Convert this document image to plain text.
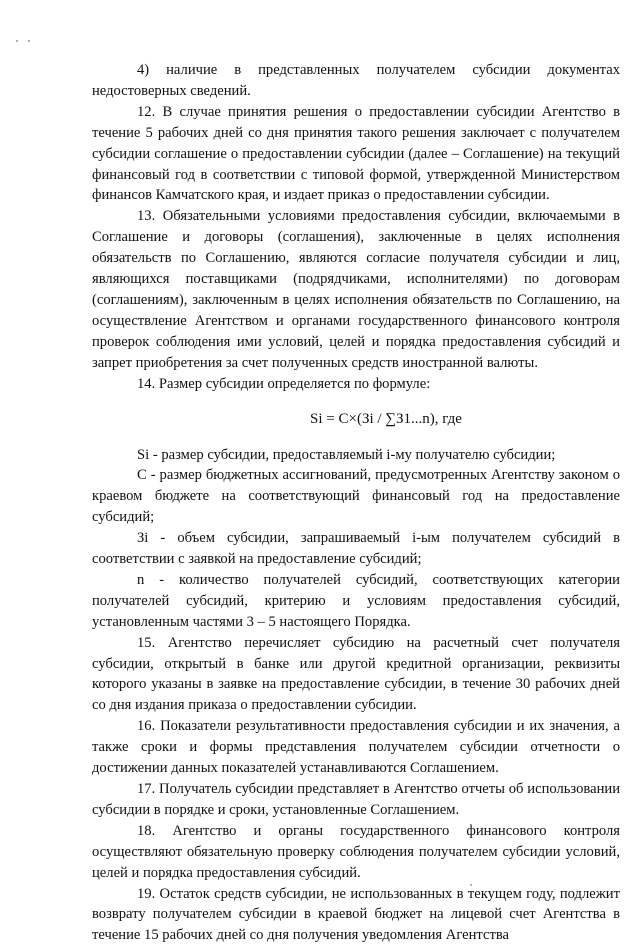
4) наличие в представленных получателем субсидии документах недостоверных сведений.

12. В случае принятия решения о предоставлении субсидии Агентство в течение 5 рабочих дней со дня принятия такого решения заключает с получателем субсидии соглашение о предоставлении субсидии (далее – Соглашение) на текущий финансовый год в соответствии с типовой формой, утвержденной Министерством финансов Камчатского края, и издает приказ о предоставлении субсидии.

13. Обязательными условиями предоставления субсидии, включаемыми в Соглашение и договоры (соглашения), заключенные в целях исполнения обязательств по Соглашению, являются согласие получателя субсидии и лиц, являющихся поставщиками (подрядчиками, исполнителями) по договорам (соглашениям), заключенным в целях исполнения обязательств по Соглашению, на осуществление Агентством и органами государственного финансового контроля проверок соблюдения ими условий, целей и порядка предоставления субсидий и запрет приобретения за счет полученных средств иностранной валюты.

14. Размер субсидии определяется по формуле:

Si = C×(Зi / ∑З1...n), где

Si - размер субсидии, предоставляемый i-му получателю субсидии;

С - размер бюджетных ассигнований, предусмотренных Агентству законом о краевом бюджете на соответствующий финансовый год на предоставление субсидий;

Зi - объем субсидии, запрашиваемый i-ым получателем субсидий в соответствии с заявкой на предоставление субсидий;

n - количество получателей субсидий, соответствующих категории получателей субсидий, критерию и условиям предоставления субсидий, установленным частями 3 – 5 настоящего Порядка.

15. Агентство перечисляет субсидию на расчетный счет получателя субсидии, открытый в банке или другой кредитной организации, реквизиты которого указаны в заявке на предоставление субсидии, в течение 30 рабочих дней со дня издания приказа о предоставлении субсидии.

16. Показатели результативности предоставления субсидии и их значения, а также сроки и формы представления получателем субсидии отчетности о достижении данных показателей устанавливаются Соглашением.

17. Получатель субсидии представляет в Агентство отчеты об использовании субсидии в порядке и сроки, установленные Соглашением.

18. Агентство и органы государственного финансового контроля осуществляют обязательную проверку соблюдения получателем субсидии условий, целей и порядка предоставления субсидий.

19. Остаток средств субсидии, не использованных в текущем году, подлежит возврату получателем субсидии в краевой бюджет на лицевой счет Агентства в течение 15 рабочих дней со дня получения уведомления Агентства
